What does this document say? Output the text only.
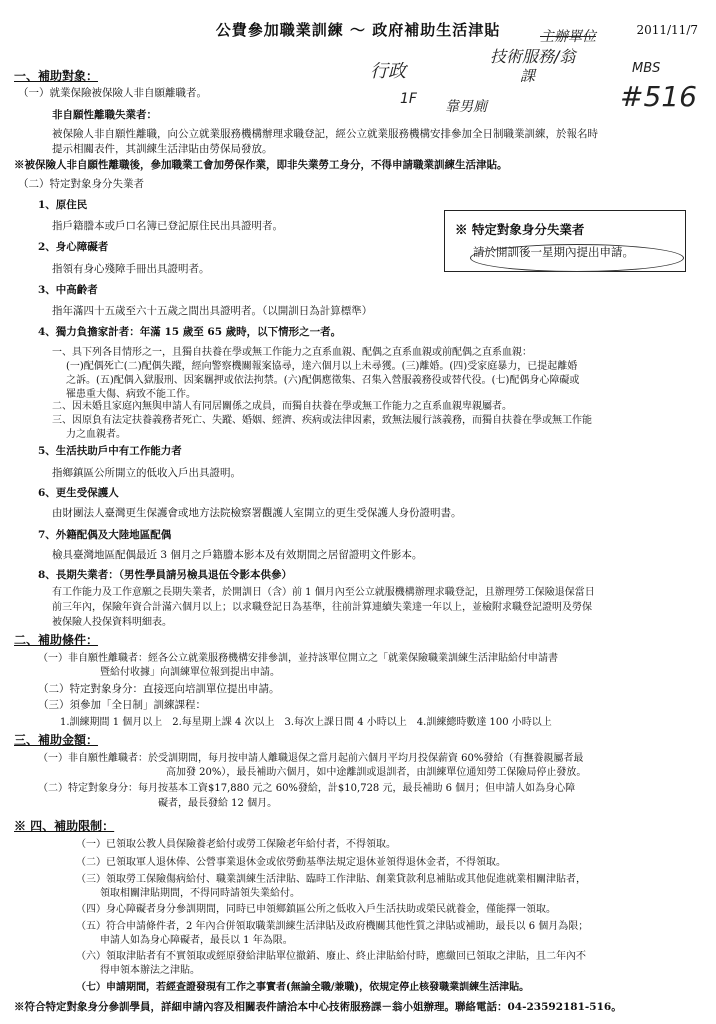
公費參加職業訓練 ～ 政府補助生活津貼	2011/11/7
主辦單位
技術服務/翁
課	MBS
#516
行政
1F 靠男廁
一、補助對象：
（一）就業保險被保險人非自願離職者。
非自願性離職失業者：
被保險人非自願性離職，向公立就業服務機構辦理求職登記，經公立就業服務機構安排參加全日制職業訓練，於報名時
提示相關表件，其訓練生活津貼由勞保局發放。
※被保險人非自願性離職後，參加職業工會加勞保作業，即非失業勞工身分，不得申請職業訓練生活津貼。
（二）特定對象身分失業者
1、原住民
指戶籍謄本或戶口名簿已登記原住民出具證明者。
2、身心障礙者
指領有身心殘障手冊出具證明者。
3、中高齡者
指年滿四十五歲至六十五歲之間出具證明者。（以開訓日為計算標準）
4、獨力負擔家計者：年滿 15 歲至 65 歲時，以下情形之一者。
一、具下列各目情形之一，且獨自扶養在學或無工作能力之直系血親、配偶之直系血親或前配偶之直系血親：
(一)配偶死亡(二)配偶失蹤，經向警察機關報案協尋，達六個月以上未尋獲。(三)離婚。(四)受家庭暴力，已提起離婚
之訴。(五)配偶入獄服刑、因案羈押或依法拘禁。(六)配偶應徵集、召集入營服義務役或替代役。(七)配偶身心障礙或
罹患重大傷、病致不能工作。
二、因未婚且家庭內無與申請人有同居關係之成員，而獨自扶養在學或無工作能力之直系血親卑親屬者。
三、因原負有法定扶養義務者死亡、失蹤、婚姻、經濟、疾病或法律因素，致無法履行該義務，而獨自扶養在學或無工作能
力之血親者。
5、生活扶助戶中有工作能力者
指鄉鎮區公所開立的低收入戶出具證明。
6、更生受保護人
由財團法人臺灣更生保護會或地方法院檢察署觀護人室開立的更生受保護人身份證明書。
7、外籍配偶及大陸地區配偶
檢具臺灣地區配偶最近 3 個月之戶籍謄本影本及有效期間之居留證明文件影本。
8、長期失業者：（男性學員請另檢具退伍令影本供參）
有工作能力及工作意願之長期失業者，於開訓日（含）前 1 個月內至公立就服機構辦理求職登記，且辦理勞工保險退保當日
前三年內，保險年資合計滿六個月以上；以求職登記日為基準，往前計算連續失業達一年以上，並檢附求職登記證明及勞保
被保險人投保資料明細表。
※ 特定對象身分失業者
請於開訓後一星期內提出申請。
二、補助條件：
（一）非自願性離職者：經各公立就業服務機構安排參訓，並持該單位開立之「就業保險職業訓練生活津貼給付申請書
暨給付收據」向訓練單位報到提出申請。
（二）特定對象身分：直接逕向培訓單位提出申請。
（三）須參加「全日制」訓練課程：
1.訓練期間 1 個月以上　2.每星期上課 4 次以上　3.每次上課日間 4 小時以上　4.訓練總時數達 100 小時以上
三、補助金額：
（一）非自願性離職者：於受訓期間，每月按申請人離職退保之當月起前六個月平均月投保薪資 60%發給（有撫養親屬者最
高加發 20%），最長補助六個月，如中途離訓或退訓者，由訓練單位通知勞工保險局停止發放。
（二）特定對象身分：每月按基本工資$17,880 元之 60%發給，計$10,728 元，最長補助 6 個月；但申請人如為身心障
礙者，最長發給 12 個月。
※ 四、補助限制：
（一）已領取公教人員保險養老給付或勞工保險老年給付者，不得領取。
（二）已領取軍人退休俸、公營事業退休金或依勞動基準法規定退休並領得退休金者，不得領取。
（三）領取勞工保險傷病給付、職業訓練生活津貼、臨時工作津貼、創業貸款利息補貼或其他促進就業相關津貼者，
領取相關津貼期間，不得同時請領失業給付。
（四）身心障礙者身分參訓期間，同時已申領鄉鎮區公所之低收入戶生活扶助或榮民就養金，僅能擇一領取。
（五）符合申請條件者，2 年內合併領取職業訓練生活津貼及政府機關其他性質之津貼或補助，最長以 6 個月為限；
申請人如為身心障礙者，最長以 1 年為限。
（六）領取津貼者有不實領取或經原發給津貼單位撤銷、廢止、終止津貼給付時，應繳回已領取之津貼，且二年內不
得申領本辦法之津貼。
（七）申請期間，若經查證發現有工作之事實者(無論全職/兼職)，依規定停止核發職業訓練生活津貼。
※符合特定對象身分參訓學員，詳細申請內容及相關表件請洽本中心技術服務課－翁小姐辦理。聯絡電話：04-23592181-516。
